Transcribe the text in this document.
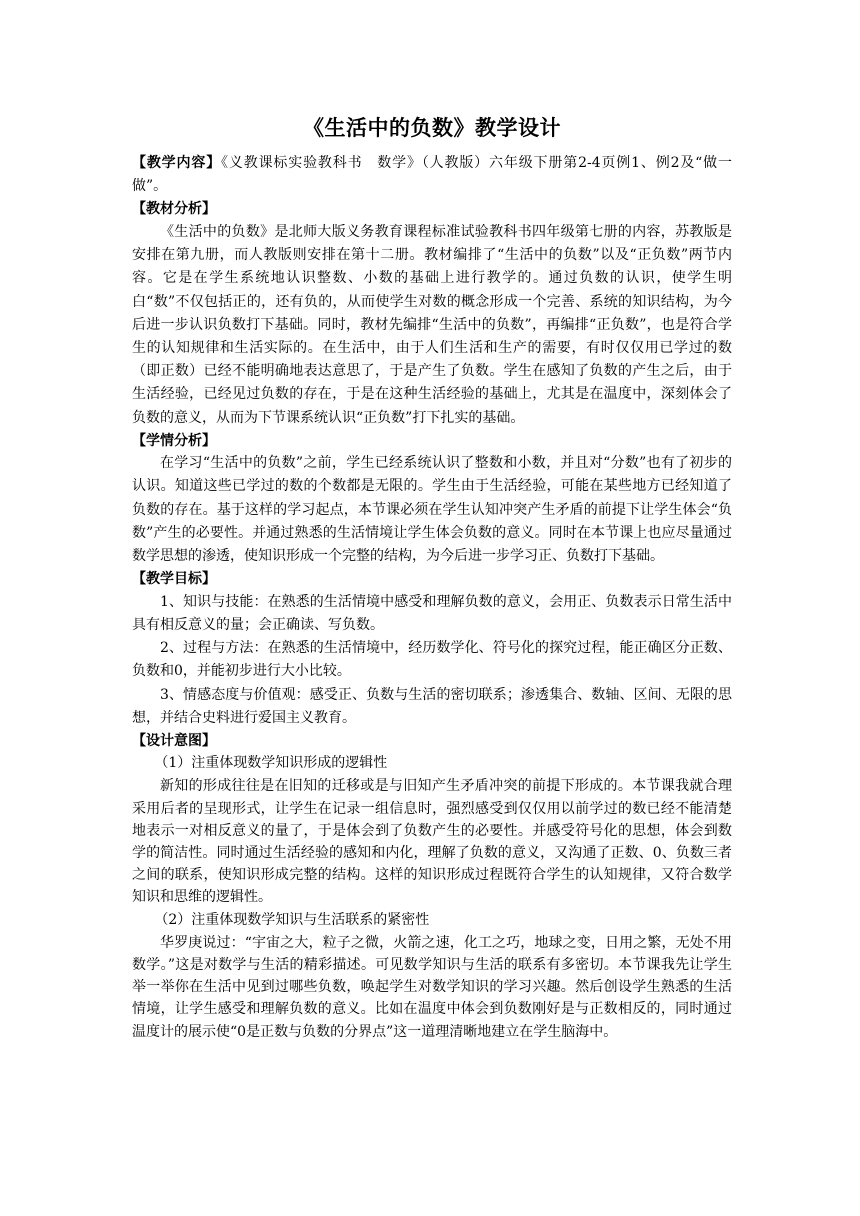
《生活中的负数》教学设计

【教学内容】《义教课标实验教科书　数学》（人教版）六年级下册第2-4页例1、例2及“做一做”。

【教材分析】

《生活中的负数》是北师大版义务教育课程标准试验教科书四年级第七册的内容，苏教版是安排在第九册，而人教版则安排在第十二册。教材编排了“生活中的负数”以及“正负数”两节内容。它是在学生系统地认识整数、小数的基础上进行教学的。通过负数的认识，使学生明白“数”不仅包括正的，还有负的，从而使学生对数的概念形成一个完善、系统的知识结构，为今后进一步认识负数打下基础。同时，教材先编排“生活中的负数”，再编排“正负数”，也是符合学生的认知规律和生活实际的。在生活中，由于人们生活和生产的需要，有时仅仅用已学过的数（即正数）已经不能明确地表达意思了，于是产生了负数。学生在感知了负数的产生之后，由于生活经验，已经见过负数的存在，于是在这种生活经验的基础上，尤其是在温度中，深刻体会了负数的意义，从而为下节课系统认识“正负数”打下扎实的基础。

【学情分析】

在学习“生活中的负数”之前，学生已经系统认识了整数和小数，并且对“分数”也有了初步的认识。知道这些已学过的数的个数都是无限的。学生由于生活经验，可能在某些地方已经知道了负数的存在。基于这样的学习起点，本节课必须在学生认知冲突产生矛盾的前提下让学生体会“负数”产生的必要性。并通过熟悉的生活情境让学生体会负数的意义。同时在本节课上也应尽量通过数学思想的渗透，使知识形成一个完整的结构，为今后进一步学习正、负数打下基础。

【教学目标】

1、知识与技能：在熟悉的生活情境中感受和理解负数的意义，会用正、负数表示日常生活中具有相反意义的量；会正确读、写负数。

2、过程与方法：在熟悉的生活情境中，经历数学化、符号化的探究过程，能正确区分正数、负数和0，并能初步进行大小比较。

3、情感态度与价值观：感受正、负数与生活的密切联系；渗透集合、数轴、区间、无限的思想，并结合史料进行爱国主义教育。

【设计意图】

（1）注重体现数学知识形成的逻辑性

新知的形成往往是在旧知的迁移或是与旧知产生矛盾冲突的前提下形成的。本节课我就合理采用后者的呈现形式，让学生在记录一组信息时，强烈感受到仅仅用以前学过的数已经不能清楚地表示一对相反意义的量了，于是体会到了负数产生的必要性。并感受符号化的思想，体会到数学的简洁性。同时通过生活经验的感知和内化，理解了负数的意义，又沟通了正数、0、负数三者之间的联系，使知识形成完整的结构。这样的知识形成过程既符合学生的认知规律，又符合数学知识和思维的逻辑性。

（2）注重体现数学知识与生活联系的紧密性

华罗庚说过：“宇宙之大，粒子之微，火箭之速，化工之巧，地球之变，日用之繁，无处不用数学。”这是对数学与生活的精彩描述。可见数学知识与生活的联系有多密切。本节课我先让学生举一举你在生活中见到过哪些负数，唤起学生对数学知识的学习兴趣。然后创设学生熟悉的生活情境，让学生感受和理解负数的意义。比如在温度中体会到负数刚好是与正数相反的，同时通过温度计的展示使“0是正数与负数的分界点”这一道理清晰地建立在学生脑海中。
